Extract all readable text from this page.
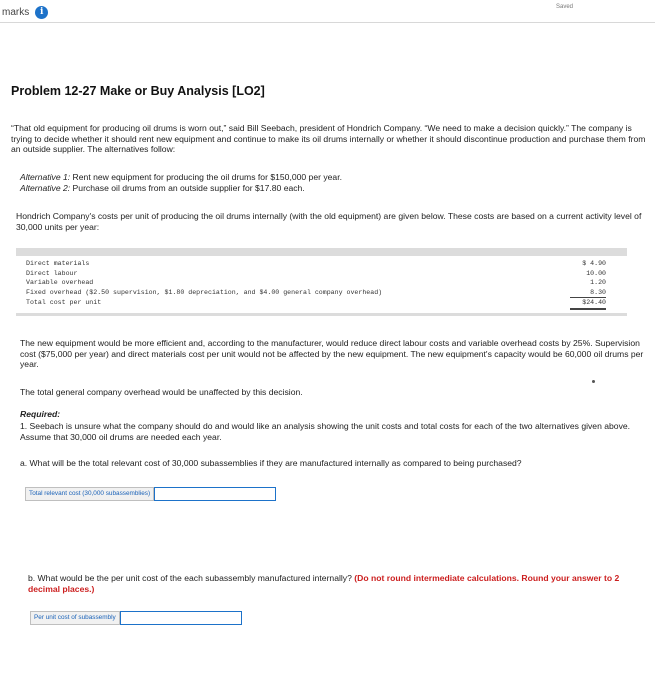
marks	i	Saved
Problem 12-27 Make or Buy Analysis [LO2]
“That old equipment for producing oil drums is worn out,” said Bill Seebach, president of Hondrich Company. “We need to make a decision quickly.” The company is trying to decide whether it should rent new equipment and continue to make its oil drums internally or whether it should discontinue production and purchase them from an outside supplier. The alternatives follow:
Alternative 1: Rent new equipment for producing the oil drums for $150,000 per year.
Alternative 2: Purchase oil drums from an outside supplier for $17.80 each.
Hondrich Company's costs per unit of producing the oil drums internally (with the old equipment) are given below. These costs are based on a current activity level of 30,000 units per year:
Direct materials	$ 4.90
Direct labour	10.00
Variable overhead	1.20
Fixed overhead ($2.50 supervision, $1.80 depreciation, and $4.00 general company overhead)	8.30
Total cost per unit	$24.40
The new equipment would be more efficient and, according to the manufacturer, would reduce direct labour costs and variable overhead costs by 25%. Supervision cost ($75,000 per year) and direct materials cost per unit would not be affected by the new equipment. The new equipment's capacity would be 60,000 oil drums per year.
The total general company overhead would be unaffected by this decision.
Required:
1. Seebach is unsure what the company should do and would like an analysis showing the unit costs and total costs for each of the two alternatives given above. Assume that 30,000 oil drums are needed each year.
a. What will be the total relevant cost of 30,000 subassemblies if they are manufactured internally as compared to being purchased?
Total relevant cost (30,000 subassemblies)
b. What would be the per unit cost of the each subassembly manufactured internally? (Do not round intermediate calculations. Round your answer to 2 decimal places.)
Per unit cost of subassembly
